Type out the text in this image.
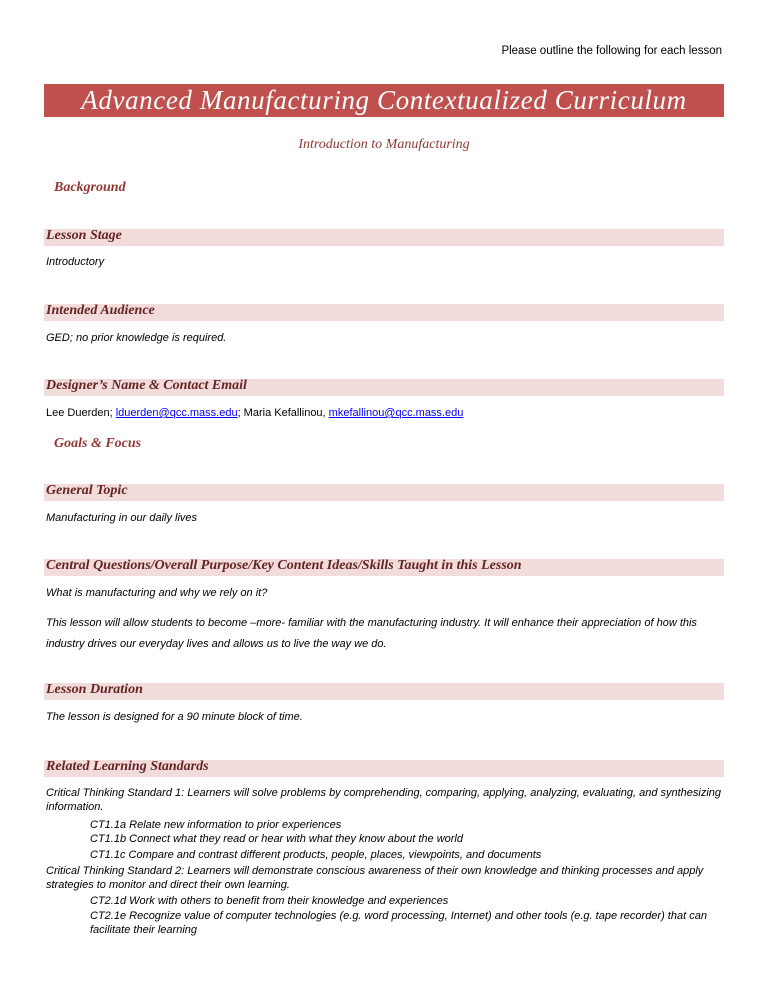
Please outline the following for each lesson
Advanced Manufacturing Contextualized Curriculum
Introduction to Manufacturing
Background
Lesson Stage
Introductory
Intended Audience
GED; no prior knowledge is required.
Designer’s Name & Contact Email
Lee Duerden; lduerden@qcc.mass.edu; Maria Kefallinou, mkefallinou@qcc.mass.edu
Goals & Focus
General Topic
Manufacturing in our daily lives
Central Questions/Overall Purpose/Key Content Ideas/Skills Taught in this Lesson
What is manufacturing and why we rely on it?
This lesson will allow students to become –more- familiar with the manufacturing industry. It will enhance their appreciation of how this industry drives our everyday lives and allows us to live the way we do.
Lesson Duration
The lesson is designed for a 90 minute block of time.
Related Learning Standards
Critical Thinking Standard 1: Learners will solve problems by comprehending, comparing, applying, analyzing, evaluating, and synthesizing information.
CT1.1a Relate new information to prior experiences
CT1.1b Connect what they read or hear with what they know about the world
CT1.1c Compare and contrast different products, people, places, viewpoints, and documents
Critical Thinking Standard 2: Learners will demonstrate conscious awareness of their own knowledge and thinking processes and apply strategies to monitor and direct their own learning.
CT2.1d Work with others to benefit from their knowledge and experiences
CT2.1e Recognize value of computer technologies (e.g. word processing, Internet) and other tools (e.g. tape recorder) that can facilitate their learning
